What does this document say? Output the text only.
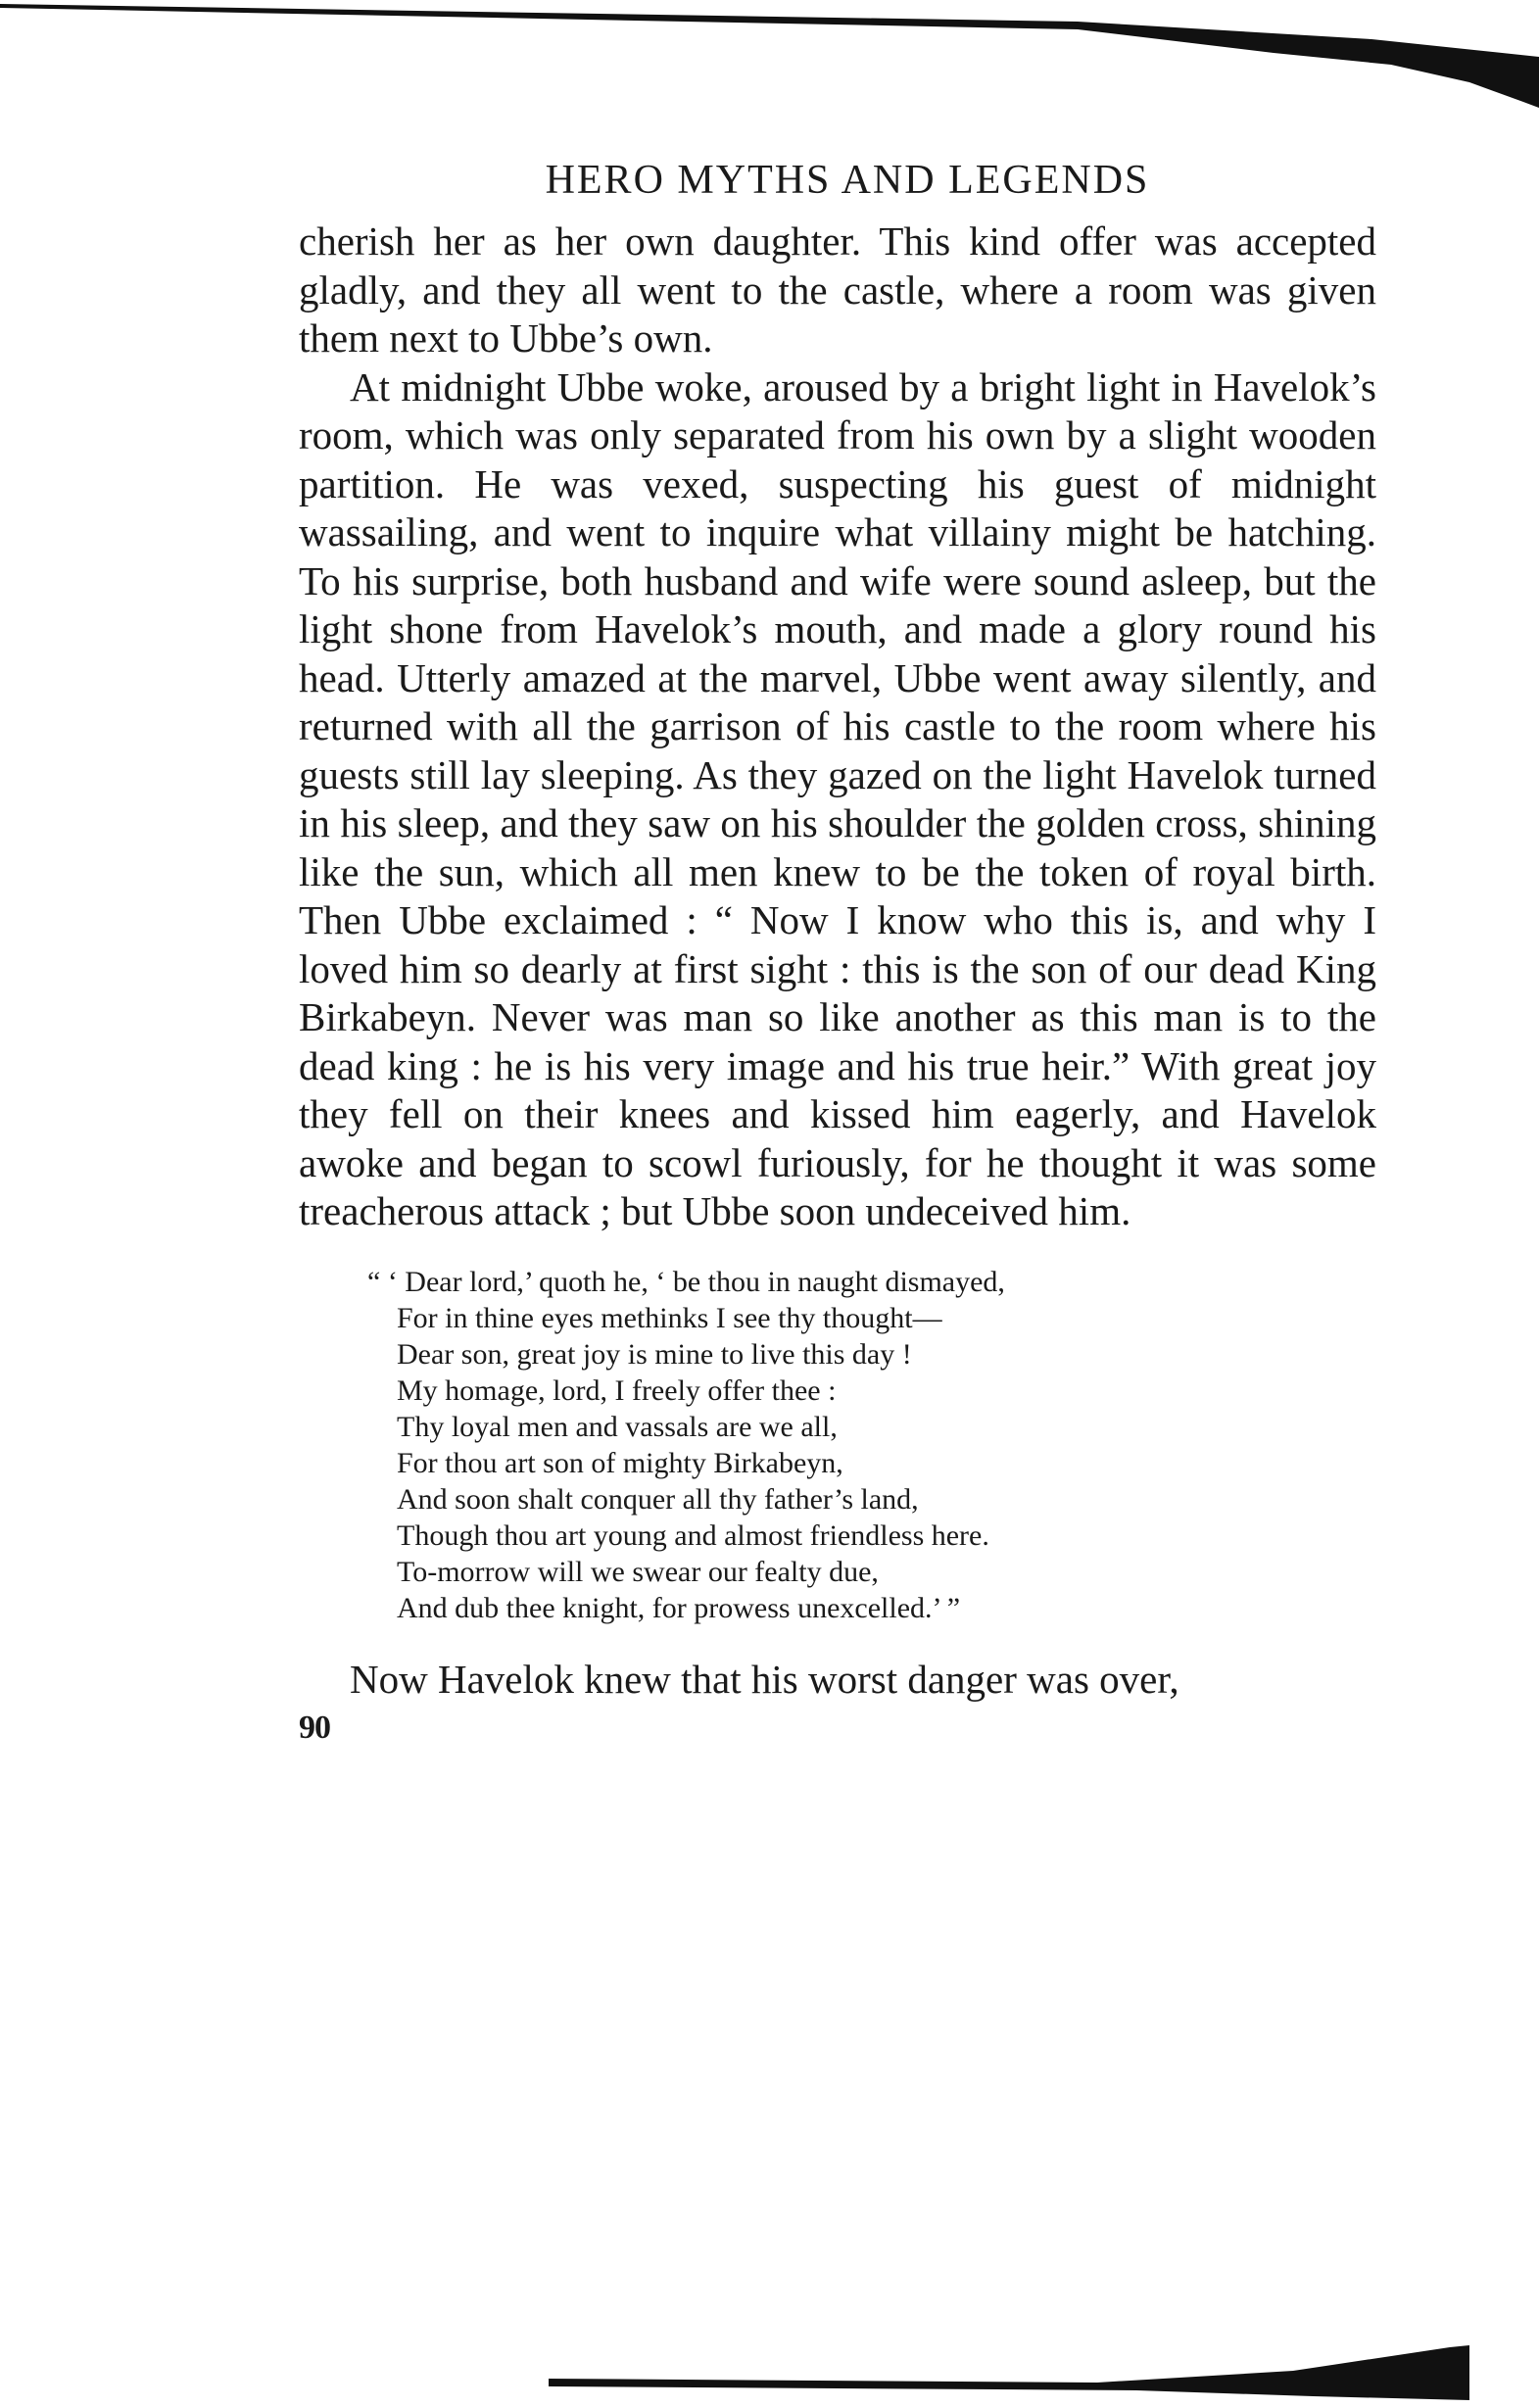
HERO MYTHS AND LEGENDS

cherish her as her own daughter. This kind offer was accepted gladly, and they all went to the castle, where a room was given them next to Ubbe’s own.

At midnight Ubbe woke, aroused by a bright light in Havelok’s room, which was only separated from his own by a slight wooden partition. He was vexed, suspecting his guest of midnight wassailing, and went to inquire what villainy might be hatching. To his surprise, both husband and wife were sound asleep, but the light shone from Havelok’s mouth, and made a glory round his head. Utterly amazed at the marvel, Ubbe went away silently, and returned with all the garrison of his castle to the room where his guests still lay sleeping. As they gazed on the light Havelok turned in his sleep, and they saw on his shoulder the golden cross, shining like the sun, which all men knew to be the token of royal birth. Then Ubbe exclaimed : “ Now I know who this is, and why I loved him so dearly at first sight : this is the son of our dead King Birkabeyn. Never was man so like another as this man is to the dead king : he is his very image and his true heir.” With great joy they fell on their knees and kissed him eagerly, and Havelok awoke and began to scowl furiously, for he thought it was some treacherous attack ; but Ubbe soon undeceived him.

“ ‘ Dear lord,’ quoth he, ‘ be thou in naught dismayed,
For in thine eyes methinks I see thy thought—
Dear son, great joy is mine to live this day !
My homage, lord, I freely offer thee :
Thy loyal men and vassals are we all,
For thou art son of mighty Birkabeyn,
And soon shalt conquer all thy father’s land,
Though thou art young and almost friendless here.
To-morrow will we swear our fealty due,
And dub thee knight, for prowess unexcelled.’ ”

Now Havelok knew that his worst danger was over,

90
